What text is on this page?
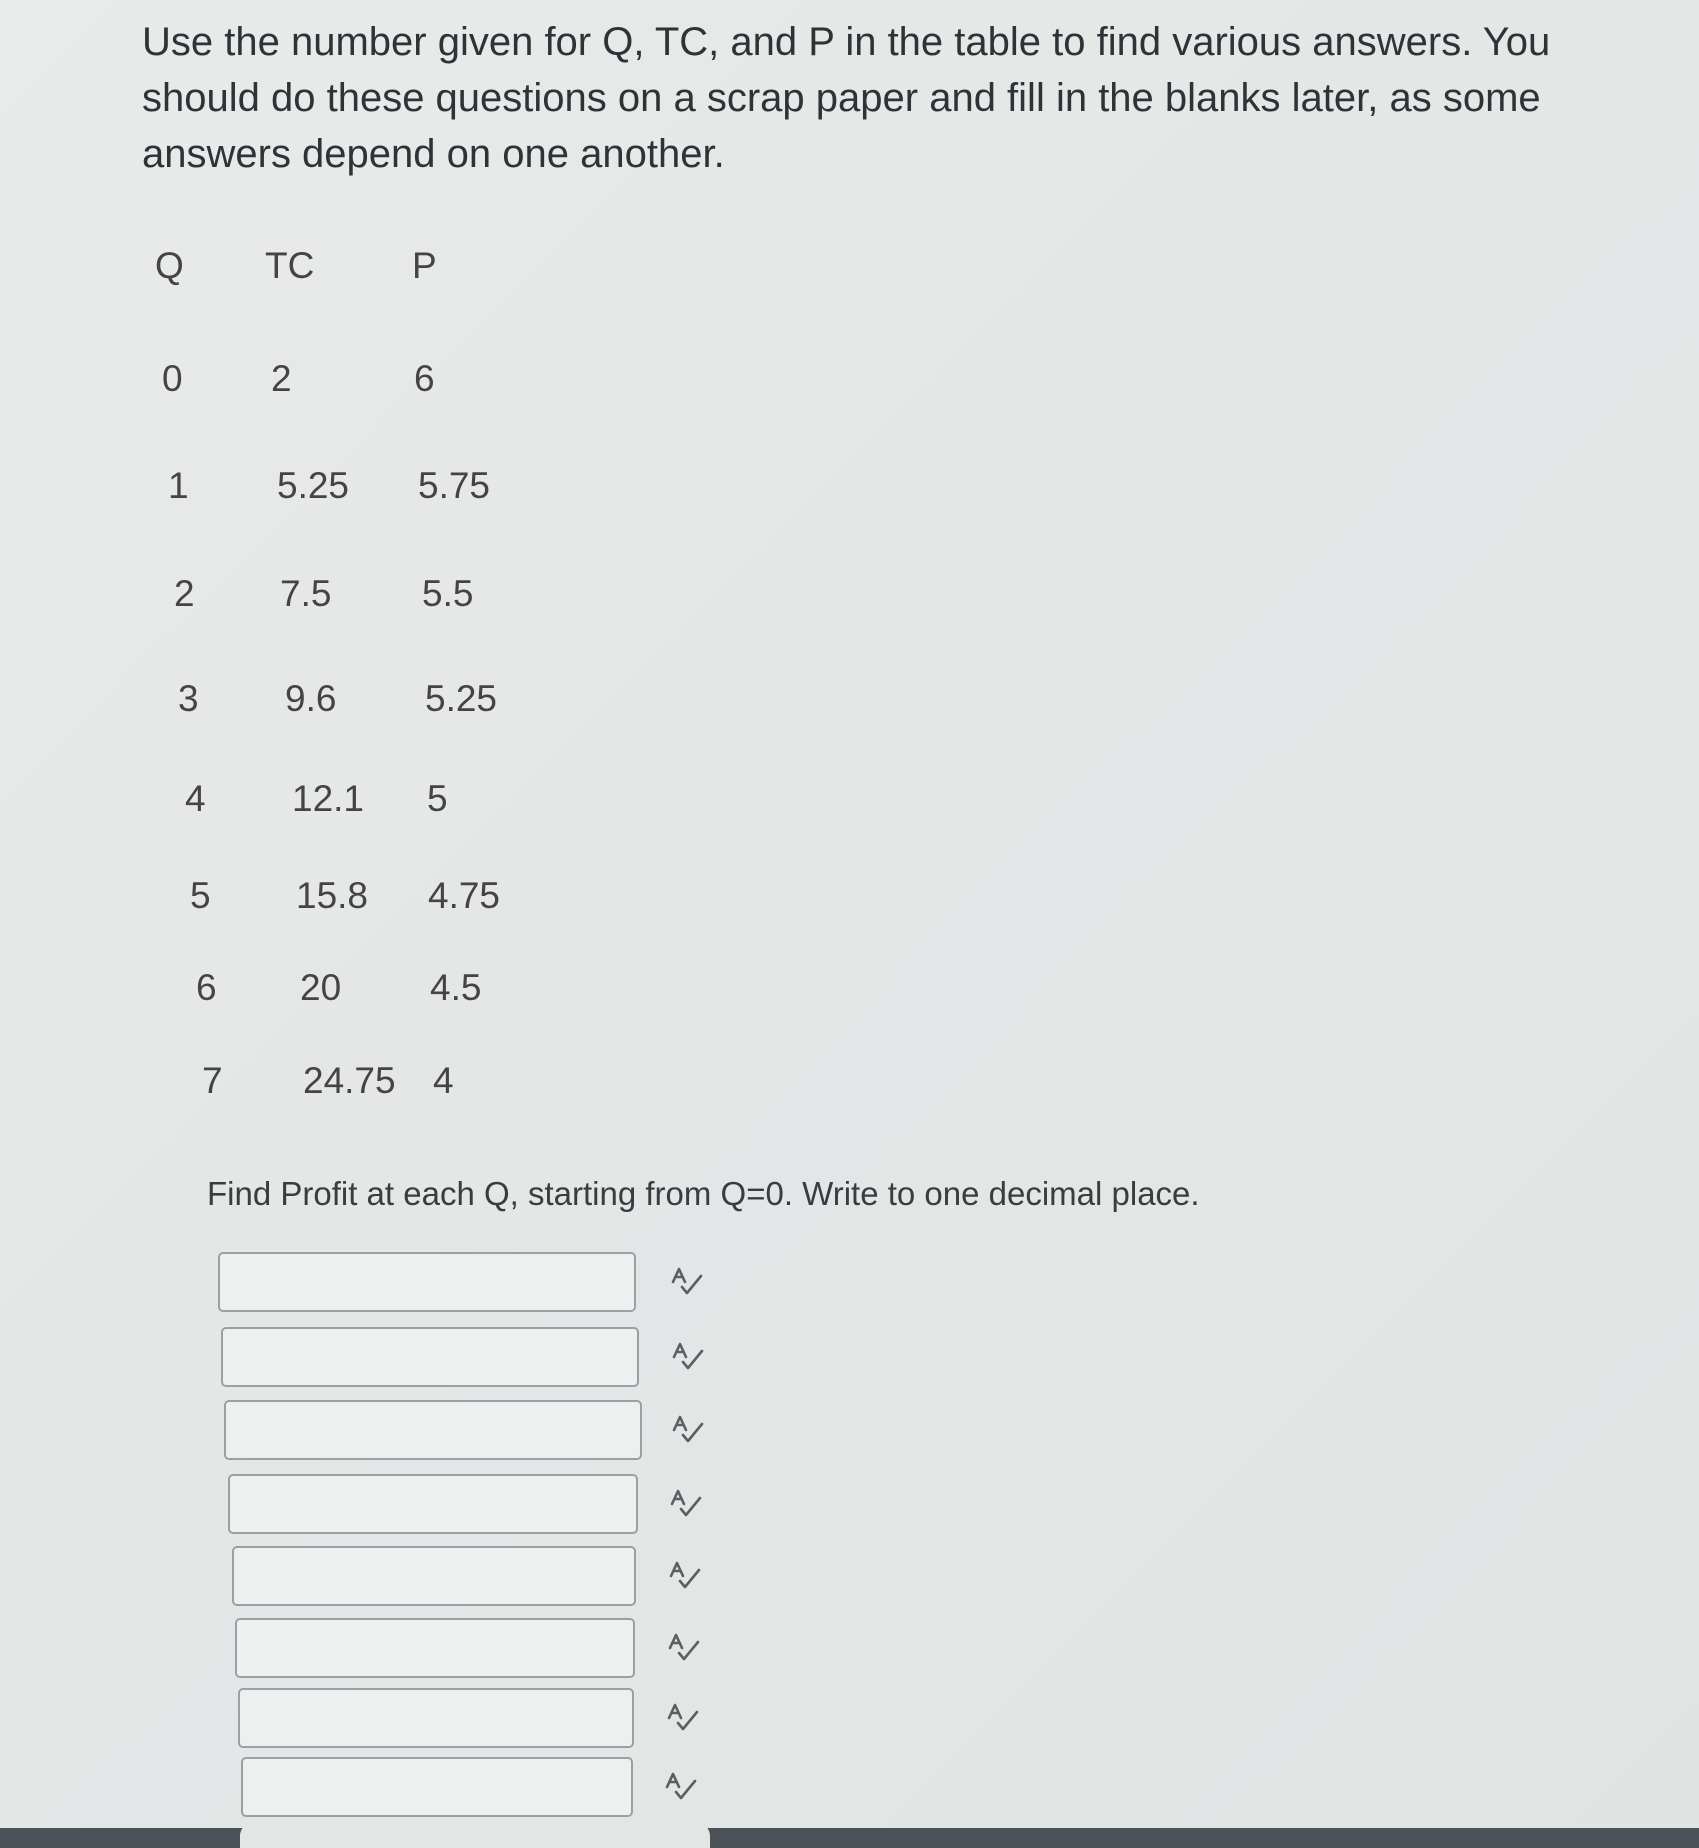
Use the number given for Q, TC, and P in the table to find various answers. You should do these questions on a scrap paper and fill in the blanks later, as some answers depend on one another.

Q TC	P
0 2	6
1 5.25 5.75
2 7.5 5.5
3 9.6 5.25
4 12.1 5
5 15.8 4.75
6 20 4.5
7 24.75 4
Find Profit at each Q, starting from Q=0. Write to one decimal place.
